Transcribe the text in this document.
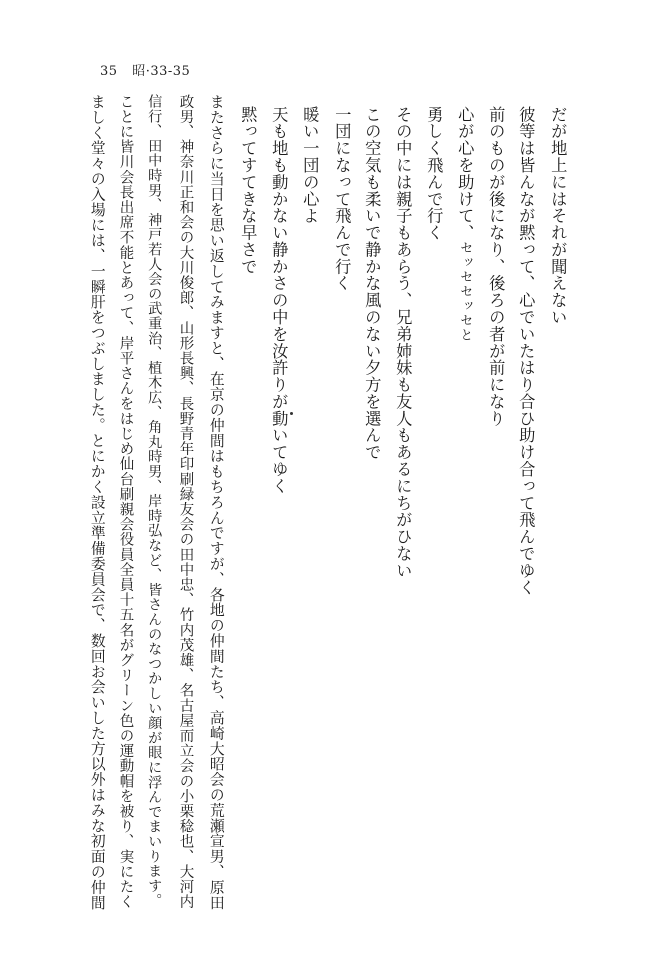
35 昭·33-35
だが地上にはそれが聞えない
彼等は皆んなが黙って、心でいたはり合ひ助け合って飛んでゆく
前のものが後になり、後ろの者が前になり
心が心を助けて、セッセセッセと
勇しく飛んで行く
その中には親子もあらう、兄弟姉妹も友人もあるにちがひない
この空気も柔いで静かな風のない夕方を選んで
一団になって飛んで行く
暖い一団の心よ
天も地も動かない静かさの中を汝許りが動いてゆく
黙ってすてきな早さで
またさらに当日を思い返してみますと、在京の仲間はもちろんですが、各地の仲間たち、高崎大昭会の荒瀬宣男、原田
政男、神奈川正和会の大川俊郎、山形長興、長野青年印刷緑友会の田中忠、竹内茂雄、名古屋而立会の小栗稔也、大河内
信行、田中時男、神戸若人会の武重治、植木広、角丸時男、岸時弘など、皆さんのなつかしい顔が眼に浮んでまいります。
ことに皆川会長出席不能とあって、岸平さんをはじめ仙台刷親会役員全員十五名がグリーン色の運動帽を被り、実にたく
ましく堂々の入場には、一瞬肝をつぶしました。とにかく設立準備委員会で、数回お会いした方以外はみな初面の仲間
